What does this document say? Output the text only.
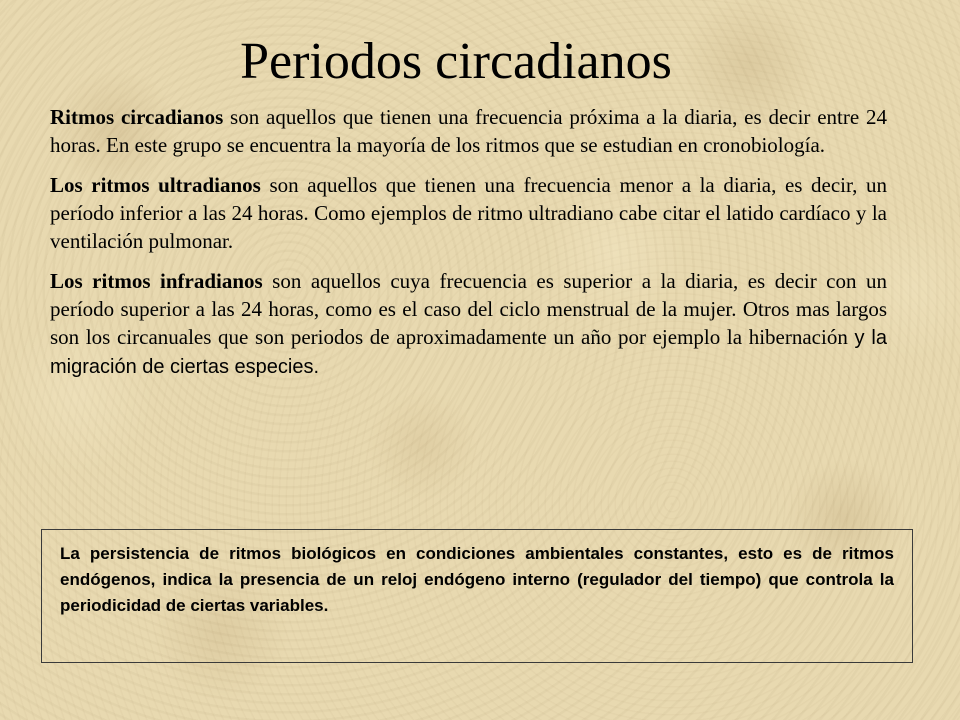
Periodos circadianos

Ritmos circadianos son aquellos que tienen una frecuencia próxima a la diaria, es decir entre 24 horas. En este grupo se encuentra la mayoría de los ritmos que se estudian en cronobiología.

Los ritmos ultradianos son aquellos que tienen una frecuencia menor a la diaria, es decir, un período inferior a las 24 horas. Como ejemplos de ritmo ultradiano cabe citar el latido cardíaco y la ventilación pulmonar.

Los ritmos infradianos son aquellos cuya frecuencia es superior a la diaria, es decir con un período superior a las 24 horas, como es el caso del ciclo menstrual de la mujer. Otros mas largos son los circanuales que son periodos de aproximadamente un año por ejemplo la hibernación y la migración de ciertas especies.

La persistencia de ritmos biológicos en condiciones ambientales constantes, esto es de ritmos endógenos, indica la presencia de un reloj endógeno interno (regulador del tiempo) que controla la periodicidad de ciertas variables.
